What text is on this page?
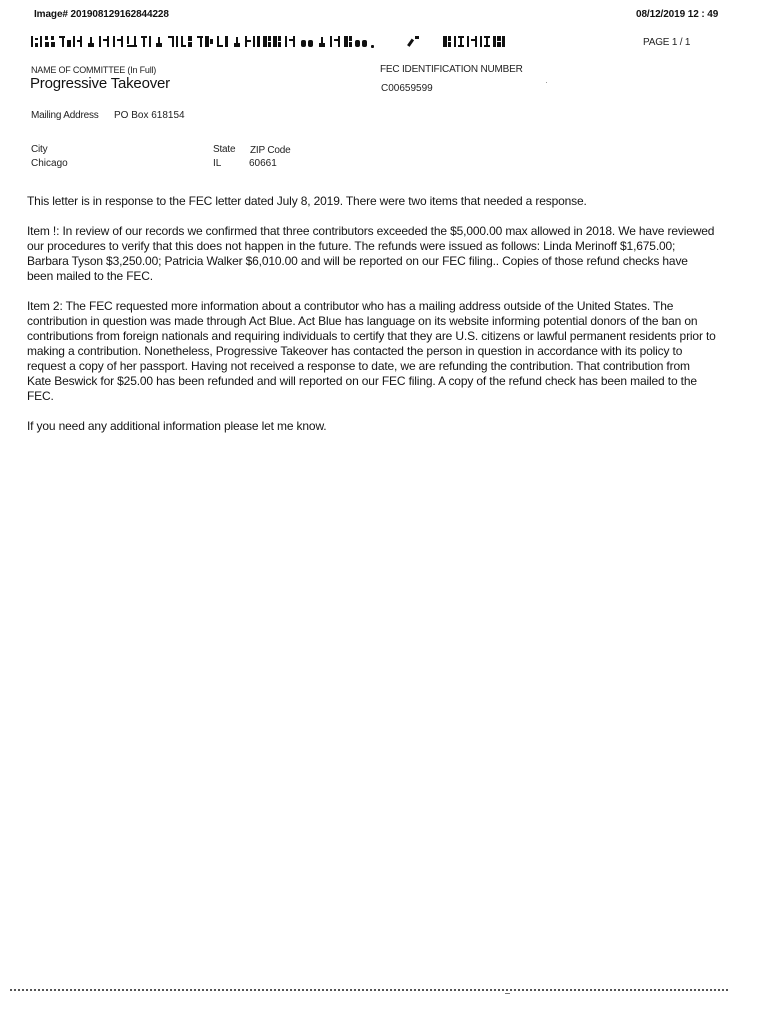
Image# 201908129162844228	08/12/2019 12 : 49
PAGE 1 / 1
NAME OF COMMITTEE (In Full)
Progressive Takeover
FEC IDENTIFICATION NUMBER
C00659599
Mailing Address PO Box 618154
City
Chicago
State
IL
ZIP Code
60661

This letter is in response to the FEC letter dated July 8, 2019. There were two items that needed a response.

Item !: In review of our records we confirmed that three contributors exceeded the $5,000.00 max allowed in 2018. We have reviewed our procedures to verify that this does not happen in the future. The refunds were issued as follows: Linda Merinoff $1,675.00; Barbara Tyson $3,250.00; Patricia Walker $6,010.00 and will be reported on our FEC filing.. Copies of those refund checks have been mailed to the FEC.

Item 2: The FEC requested more information about a contributor who has a mailing address outside of the United States. The contribution in question was made through Act Blue. Act Blue has language on its website informing potential donors of the ban on contributions from foreign nationals and requiring individuals to certify that they are U.S. citizens or lawful permanent residents prior to making a contribution. Nonetheless, Progressive Takeover has contacted the person in question in accordance with its policy to request a copy of her passport. Having not received a response to date, we are refunding the contribution. That contribution from Kate Beswick for $25.00 has been refunded and will reported on our FEC filing. A copy of the refund check has been mailed to the FEC.

If you need any additional information please let me know.
